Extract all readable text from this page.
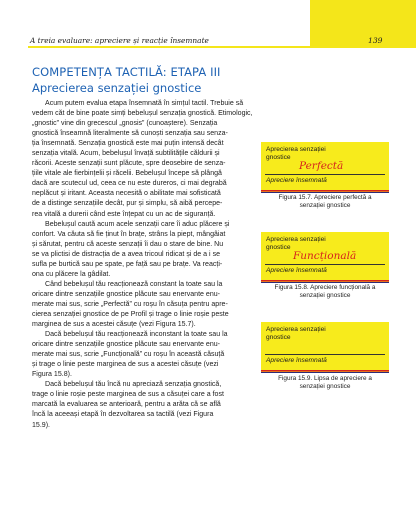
A treia evaluare: apreciere și reacție însemnate	139
COMPETENȚA TACTILĂ: ETAPA III
Aprecierea senzației gnostice

Acum putem evalua etapa însemnată în simțul tactil. Trebuie să
vedem căt de bine poate simți bebelușul senzația gnostică. Etimologic,
„gnostic” vine din grecescul „gnosis” (cunoaștere). Senzația
gnostică înseamnă literalmente să cunoști senzația sau senza-
ția însemnată. Senzația gnostică este mai puțin intensă decât
senzația vitală. Acum, bebelușul învață subtilitățile căldurii și
răcorii. Aceste senzații sunt plăcute, spre deosebire de senza-
țiile vitale ale fierbințelii și răcelii. Bebelușul începe să plângă
dacă are scutecul ud, ceea ce nu este dureros, ci mai degrabă
neplăcut și iritant. Aceasta necesită o abilitate mai sofisticată
de a distinge senzațiile decât, pur și simplu, să aibă percepe-
rea vitală a durerii când este înțepat cu un ac de siguranță.

Bebelușul caută acum acele senzații care îi aduc plăcere și
confort. Va căuta să fie ținut în brațe, strâns la piept, mângâiat
și sărutat, pentru că aceste senzații îi dau o stare de bine. Nu
se va plictisi de distracția de a avea tricoul ridicat și de a i se
sufla pe burtică sau pe spate, pe față sau pe brațe. Va reacți-
ona cu plăcere la gâdilat.

Când bebelușul tău reacționează constant la toate sau la
oricare dintre senzațiile gnostice plăcute sau enervante enu-
merate mai sus, scrie „Perfectă” cu roșu în căsuța pentru apre-
cierea senzației gnostice de pe Profil și trage o linie roșie peste
marginea de sus a acestei căsuțe (vezi Figura 15.7).

Dacă bebelușul tău reacționează inconstant la toate sau la
oricare dintre senzațiile gnostice plăcute sau enervante enu-
merate mai sus, scrie „Funcțională” cu roșu în această căsuță
și trage o linie peste marginea de sus a acestei căsuțe (vezi
Figura 15.8).

Dacă bebelușul tău încă nu apreciază senzația gnostică,
trage o linie roșie peste marginea de sus a căsuței care a fost
marcată la evaluarea se anterioară, pentru a arăta că se află
încă la aceeași etapă în dezvoltarea sa tactilă (vezi Figura
15.9).

Aprecierea senzației
gnostice
Perfectă
Apreciere însemnată
Figura 15.7. Apreciere perfectă a
senzației gnostice
Aprecierea senzației
gnostice
Funcțională
Apreciere însemnată
Figura 15.8. Apreciere funcțională a
senzației gnostice
Aprecierea senzației
gnostice
Apreciere însemnată
Figura 15.9. Lipsa de apreciere a
senzației gnostice
